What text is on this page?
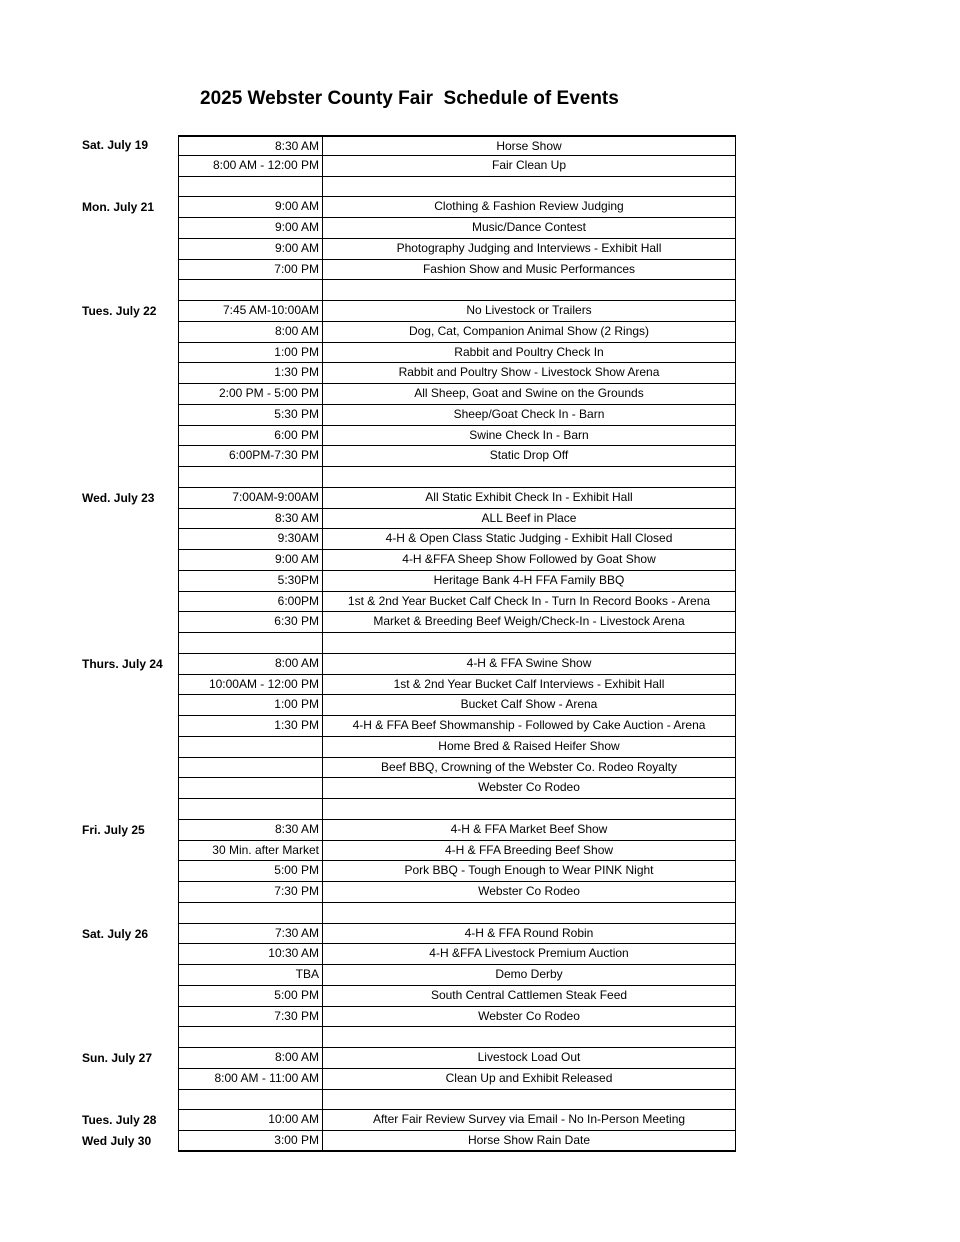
2025 Webster County Fair  Schedule of Events
Sat. July 19	8:30 AM	Horse Show
8:00 AM - 12:00 PM	Fair Clean Up
Mon. July 21	9:00 AM	Clothing & Fashion Review Judging
9:00 AM	Music/Dance Contest
9:00 AM	Photography Judging and Interviews - Exhibit Hall
7:00 PM	Fashion Show and Music Performances
Tues. July 22	7:45 AM-10:00AM	No Livestock or Trailers
8:00 AM	Dog, Cat, Companion Animal Show (2 Rings)
1:00 PM	Rabbit and Poultry Check In
1:30 PM	Rabbit and Poultry Show - Livestock Show Arena
2:00 PM - 5:00 PM	All Sheep, Goat and Swine on the Grounds
5:30 PM	Sheep/Goat Check In - Barn
6:00 PM	Swine Check In - Barn
6:00PM-7:30 PM	Static Drop Off
Wed. July 23	7:00AM-9:00AM	All Static Exhibit Check In - Exhibit Hall
8:30 AM	ALL Beef in Place
9:30AM	4-H & Open Class Static Judging - Exhibit Hall Closed
9:00 AM	4-H &FFA Sheep Show Followed by Goat Show
5:30PM	Heritage Bank 4-H FFA Family BBQ
6:00PM	1st & 2nd Year Bucket Calf Check In - Turn In Record Books - Arena
6:30 PM	Market & Breeding Beef Weigh/Check-In - Livestock Arena
Thurs. July 24	8:00 AM	4-H & FFA Swine Show
10:00AM - 12:00 PM	1st & 2nd Year Bucket Calf Interviews - Exhibit Hall
1:00 PM	Bucket Calf Show - Arena
1:30 PM	4-H & FFA Beef Showmanship - Followed by Cake Auction - Arena
Home Bred & Raised Heifer Show
Beef BBQ, Crowning of the Webster Co. Rodeo Royalty
Webster Co Rodeo
Fri. July 25	8:30 AM	4-H & FFA Market Beef Show
30 Min. after Market	4-H & FFA Breeding Beef Show
5:00 PM	Pork BBQ - Tough Enough to Wear PINK Night
7:30 PM	Webster Co Rodeo
Sat. July 26	7:30 AM	4-H & FFA Round Robin
10:30 AM	4-H &FFA Livestock Premium Auction
TBA	Demo Derby
5:00 PM	South Central Cattlemen Steak Feed
7:30 PM	Webster Co Rodeo
Sun. July 27	8:00 AM	Livestock Load Out
8:00 AM - 11:00 AM	Clean Up and Exhibit Released
Tues. July 28	10:00 AM	After Fair Review Survey via Email - No In-Person Meeting
Wed July 30	3:00 PM	Horse Show Rain Date
